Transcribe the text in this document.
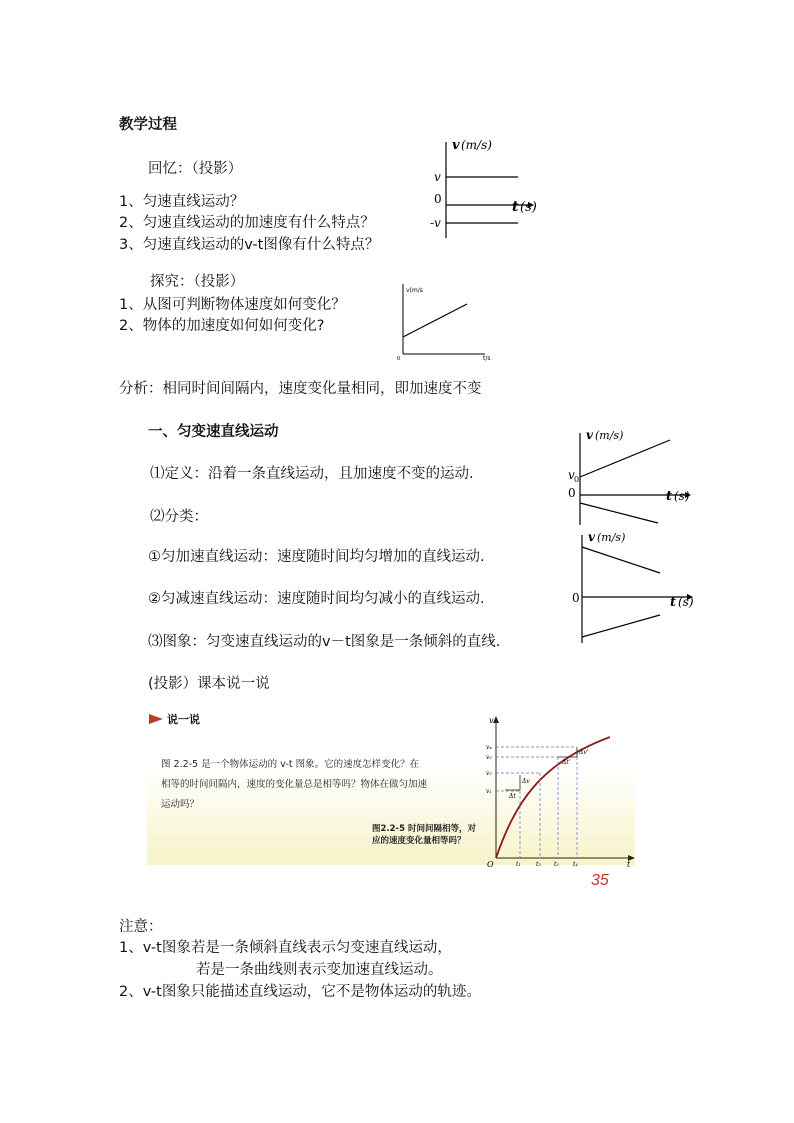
教学过程
回忆：（投影）
1、匀速直线运动？
2、匀速直线运动的加速度有什么特点？
3、匀速直线运动的v-t图像有什么特点？
v (m/s)
t (s)
v
0
-v
探究：（投影）
1、从图可判断物体速度如何变化？
2、物体的加速度如何如何变化?
v(m/s
0	t/s
分析：相同时间间隔内，速度变化量相同，即加速度不变
一、匀变速直线运动
⑴定义：沿着一条直线运动，且加速度不变的运动.
⑵分类：
①匀加速直线运动：速度随时间均匀增加的直线运动.
②匀减速直线运动：速度随时间均匀减小的直线运动.
⑶图象：匀变速直线运动的v－t图象是一条倾斜的直线.
(投影）课本说一说
v (m/s)
v 0
0	t (s)
v (m/s)
0	t (s)
说一说
图 2.2-5 是一个物体运动的 v-t 图象。它的速度怎样变化？在
相等的时间间隔内，速度的变化量总是相等吗？物体在做匀加速
运动吗？
图2.2-5 时间间隔相等，对
应的速度变化量相等吗？
v
O	t
v₄
v₃
v₂
v₁
t₁	t₂ t₃ t₄
Δv
Δt
Δv'
Δt'
35
注意：
1、v-t图象若是一条倾斜直线表示匀变速直线运动，
若是一条曲线则表示变加速直线运动。
2、v-t图象只能描述直线运动，它不是物体运动的轨迹。
